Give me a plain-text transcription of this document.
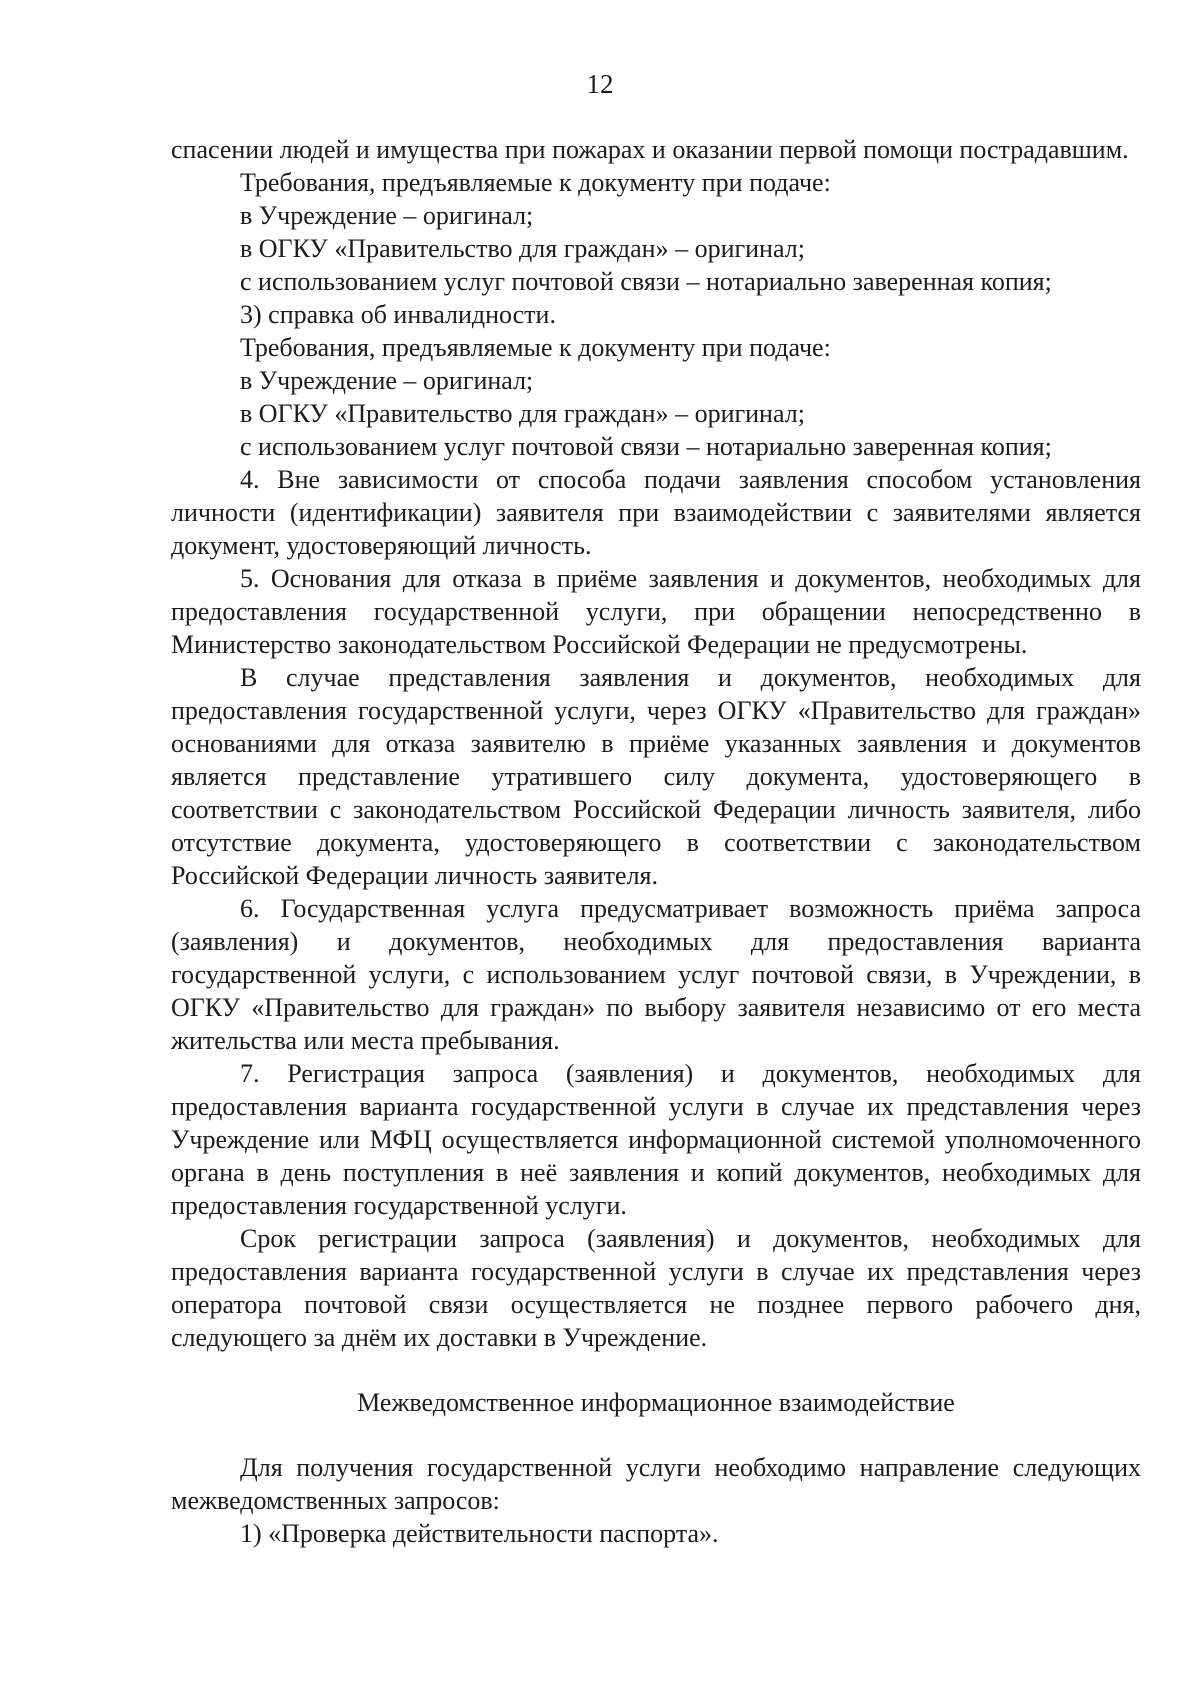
12

спасении людей и имущества при пожарах и оказании первой помощи пострадавшим.

Требования, предъявляемые к документу при подаче:

в Учреждение – оригинал;

в ОГКУ «Правительство для граждан» – оригинал;

с использованием услуг почтовой связи – нотариально заверенная копия;

3) справка об инвалидности.

Требования, предъявляемые к документу при подаче:

в Учреждение – оригинал;

в ОГКУ «Правительство для граждан» – оригинал;

с использованием услуг почтовой связи – нотариально заверенная копия;

4. Вне зависимости от способа подачи заявления способом установления личности (идентификации) заявителя при взаимодействии с заявителями является документ, удостоверяющий личность.

5. Основания для отказа в приёме заявления и документов, необходимых для предоставления государственной услуги, при обращении непосредственно в Министерство законодательством Российской Федерации не предусмотрены.

В случае представления заявления и документов, необходимых для предоставления государственной услуги, через ОГКУ «Правительство для граждан» основаниями для отказа заявителю в приёме указанных заявления и документов является представление утратившего силу документа, удостоверяющего в соответствии с законодательством Российской Федерации личность заявителя, либо отсутствие документа, удостоверяющего в соответствии с законодательством Российской Федерации личность заявителя.

6. Государственная услуга предусматривает возможность приёма запроса (заявления) и документов, необходимых для предоставления варианта государственной услуги, с использованием услуг почтовой связи, в Учреждении, в ОГКУ «Правительство для граждан» по выбору заявителя независимо от его места жительства или места пребывания.

7. Регистрация запроса (заявления) и документов, необходимых для предоставления варианта государственной услуги в случае их представления через Учреждение или МФЦ осуществляется информационной системой уполномоченного органа в день поступления в неё заявления и копий документов, необходимых для предоставления государственной услуги.

Срок регистрации запроса (заявления) и документов, необходимых для предоставления варианта государственной услуги в случае их представления через оператора почтовой связи осуществляется не позднее первого рабочего дня, следующего за днём их доставки в Учреждение.

Межведомственное информационное взаимодействие

Для получения государственной услуги необходимо направление следующих межведомственных запросов:

1) «Проверка действительности паспорта».
